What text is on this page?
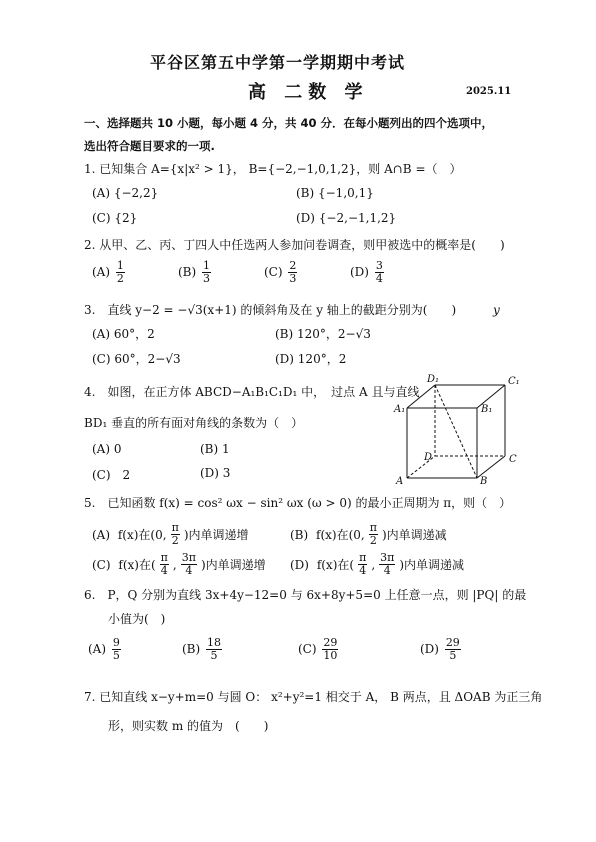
平谷区第五中学第一学期期中考试
高 二数 学	2025.11
一、选择题共 10 小题，每小题 4 分，共 40 分．在每小题列出的四个选项中，
选出符合题目要求的一项.
1. 已知集合 A={x|x² > 1}， B={−2,−1,0,1,2}，则 A∩B =（　）
(A) {−2,2}	(B) {−1,0,1}
(C) {2}	(D) {−2,−1,1,2}
2. 从甲、乙、丙、丁四人中任选两人参加问卷调查，则甲被选中的概率是(　　)
$(A) \frac{1}{2}$	$(B) \frac{1}{3}$	$(C) \frac{2}{3}$	$(D) \frac{3}{4}$
3.　直线 y−2 = −√3(x+1) 的倾斜角及在 y 轴上的截距分别为(　　)	y
(A) 60°，2	(B) 120°，2−√3
(C) 60°，2−√3	(D) 120°，2
4.　如图，在正方体 ABCD−A₁B₁C₁D₁ 中，　过点 A 且与直线
BD₁ 垂直的所有面对角线的条数为（　）
(A) 0	(B) 1
(C)　2	(D) 3
D₁	C₁
A₁	B₁
D	C
A	B
5.　已知函数 f(x) = cos² ωx − sin² ωx (ω > 0) 的最小正周期为 π，则（　）
(A)
f(x)在(0, $\frac{\pi}{2}$ )内单调递增	(B)
f(x)在(0, $\frac{\pi}{2}$ )内单调递减
(C)
f(x)在( $\frac{\pi}{4}$ , $\frac{3\pi}{4}$ )内单调递增 (D)
f(x)在( $\frac{\pi}{4}$ , $\frac{3\pi}{4}$ )内单调递减
6.　P，Q 分别为直线 3x+4y−12=0 与 6x+8y+5=0 上任意一点，则 |PQ| 的最
小值为(　)
$(A) \frac{9}{5}$	$(B) \frac{18}{5}$	$(C) \frac{29}{10}$	$(D) \frac{29}{5}$
7. 已知直线 x−y+m=0 与圆 O： x²+y²=1 相交于 A， B 两点，且 ΔOAB 为正三角
形，则实数 m 的值为　(　　)
